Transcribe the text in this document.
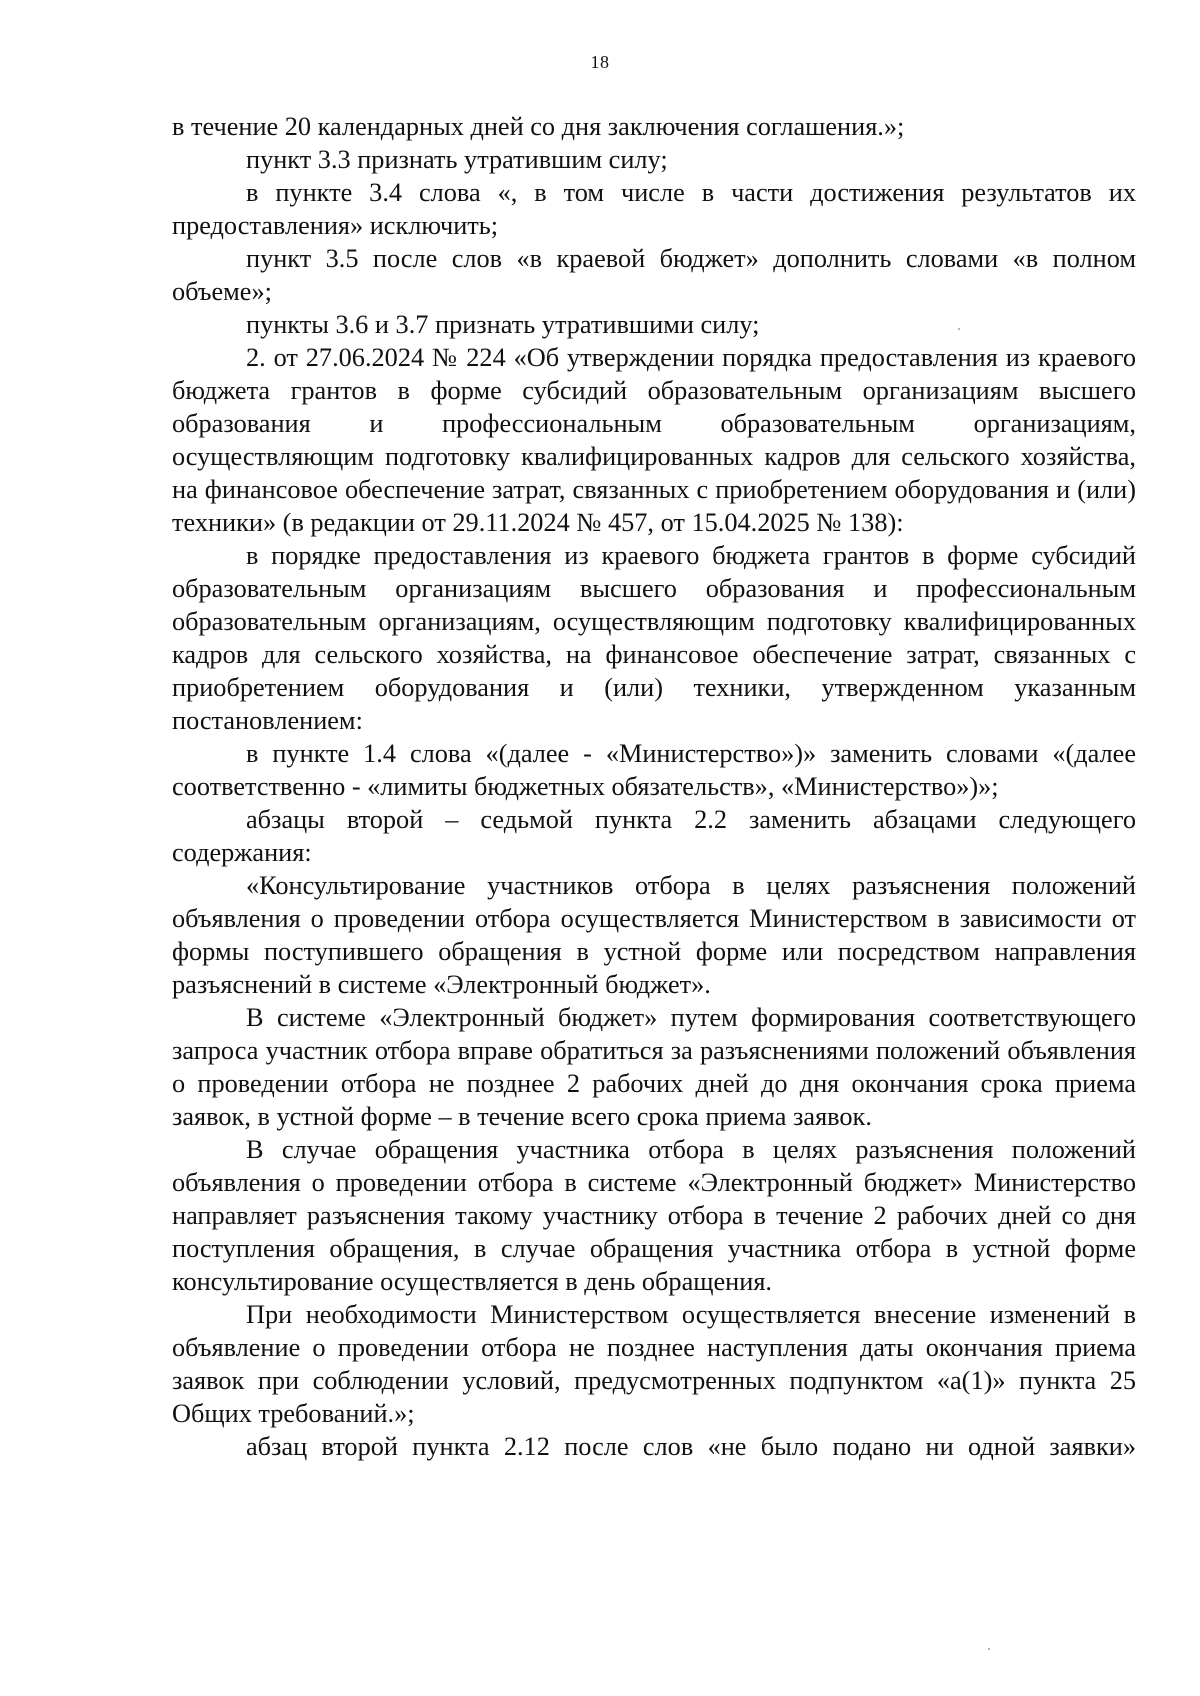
18

в течение 20 календарных дней со дня заключения соглашения.»;

пункт 3.3 признать утратившим силу;

в пункте 3.4 слова «, в том числе в части достижения результатов их предоставления» исключить;

пункт 3.5 после слов «в краевой бюджет» дополнить словами «в полном объеме»;

пункты 3.6 и 3.7 признать утратившими силу;

2. от 27.06.2024 № 224 «Об утверждении порядка предоставления из краевого бюджета грантов в форме субсидий образовательным организациям высшего образования и профессиональным образовательным организациям, осуществляющим подготовку квалифицированных кадров для сельского хозяйства, на финансовое обеспечение затрат, связанных с приобретением оборудования и (или) техники» (в редакции от 29.11.2024 № 457, от 15.04.2025 № 138):

в порядке предоставления из краевого бюджета грантов в форме субсидий образовательным организациям высшего образования и профессиональным образовательным организациям, осуществляющим подготовку квалифицированных кадров для сельского хозяйства, на финансовое обеспечение затрат, связанных с приобретением оборудования и (или) техники, утвержденном указанным постановлением:

в пункте 1.4 слова «(далее - «Министерство»)» заменить словами «(далее соответственно - «лимиты бюджетных обязательств», «Министерство»)»;

абзацы второй – седьмой пункта 2.2 заменить абзацами следующего содержания:

«Консультирование участников отбора в целях разъяснения положений объявления о проведении отбора осуществляется Министерством в зависимости от формы поступившего обращения в устной форме или посредством направления разъяснений в системе «Электронный бюджет».

В системе «Электронный бюджет» путем формирования соответствующего запроса участник отбора вправе обратиться за разъяснениями положений объявления о проведении отбора не позднее 2 рабочих дней до дня окончания срока приема заявок, в устной форме – в течение всего срока приема заявок.

В случае обращения участника отбора в целях разъяснения положений объявления о проведении отбора в системе «Электронный бюджет» Министерство направляет разъяснения такому участнику отбора в течение 2 рабочих дней со дня поступления обращения, в случае обращения участника отбора в устной форме консультирование осуществляется в день обращения.

При необходимости Министерством осуществляется внесение изменений в объявление о проведении отбора не позднее наступления даты окончания приема заявок при соблюдении условий, предусмотренных подпунктом «а(1)» пункта 25 Общих требований.»;

абзац второй пункта 2.12 после слов «не было подано ни одной заявки»
